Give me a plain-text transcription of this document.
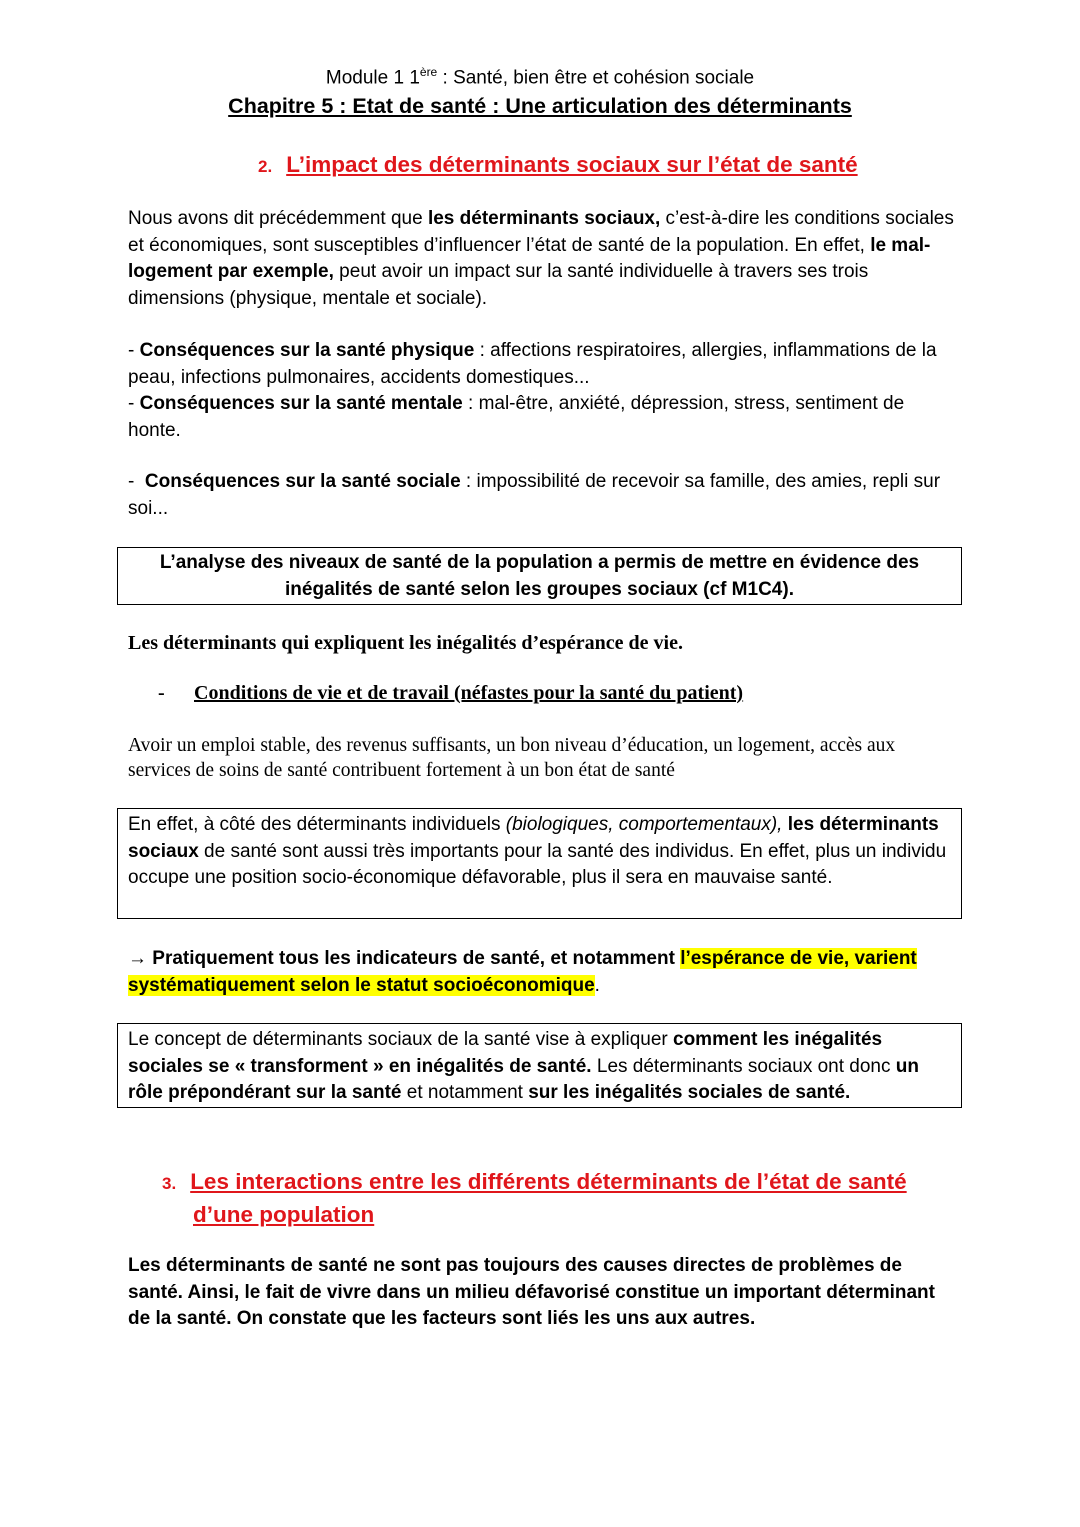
Module 1 1ère : Santé, bien être et cohésion sociale
Chapitre 5 : Etat de santé : Une articulation des déterminants
2. L’impact des déterminants sociaux sur l’état de santé
Nous avons dit précédemment que les déterminants sociaux, c’est-à-dire les conditions sociales et économiques, sont susceptibles d’influencer l’état de santé de la population. En effet, le mal-logement par exemple, peut avoir un impact sur la santé individuelle à travers ses trois dimensions (physique, mentale et sociale).
- Conséquences sur la santé physique : affections respiratoires, allergies, inflammations de la peau, infections pulmonaires, accidents domestiques...
- Conséquences sur la santé mentale : mal-être, anxiété, dépression, stress, sentiment de honte.
-  Conséquences sur la santé sociale : impossibilité de recevoir sa famille, des amies, repli sur soi...
L’analyse des niveaux de santé de la population a permis de mettre en évidence des
inégalités de santé selon les groupes sociaux (cf M1C4).
Les déterminants qui expliquent les inégalités d’espérance de vie.
- Conditions de vie et de travail (néfastes pour la santé du patient)
Avoir un emploi stable, des revenus suffisants, un bon niveau d’éducation, un logement, accès aux services de soins de santé contribuent fortement à un bon état de santé
En effet, à côté des déterminants individuels (biologiques, comportementaux), les déterminants sociaux de santé sont aussi très importants pour la santé des individus. En effet, plus un individu occupe une position socio-économique défavorable, plus il sera en mauvaise santé.
→ Pratiquement tous les indicateurs de santé, et notamment l’espérance de vie, varient systématiquement selon le statut socioéconomique.
Le concept de déterminants sociaux de la santé vise à expliquer comment les inégalités sociales se « transforment » en inégalités de santé. Les déterminants sociaux ont donc un rôle prépondérant sur la santé et notamment sur les inégalités sociales de santé.
3. Les interactions entre les différents déterminants de l’état de santé
d’une population
Les déterminants de santé ne sont pas toujours des causes directes de problèmes de santé. Ainsi, le fait de vivre dans un milieu défavorisé constitue un important déterminant de la santé. On constate que les facteurs sont liés les uns aux autres.
